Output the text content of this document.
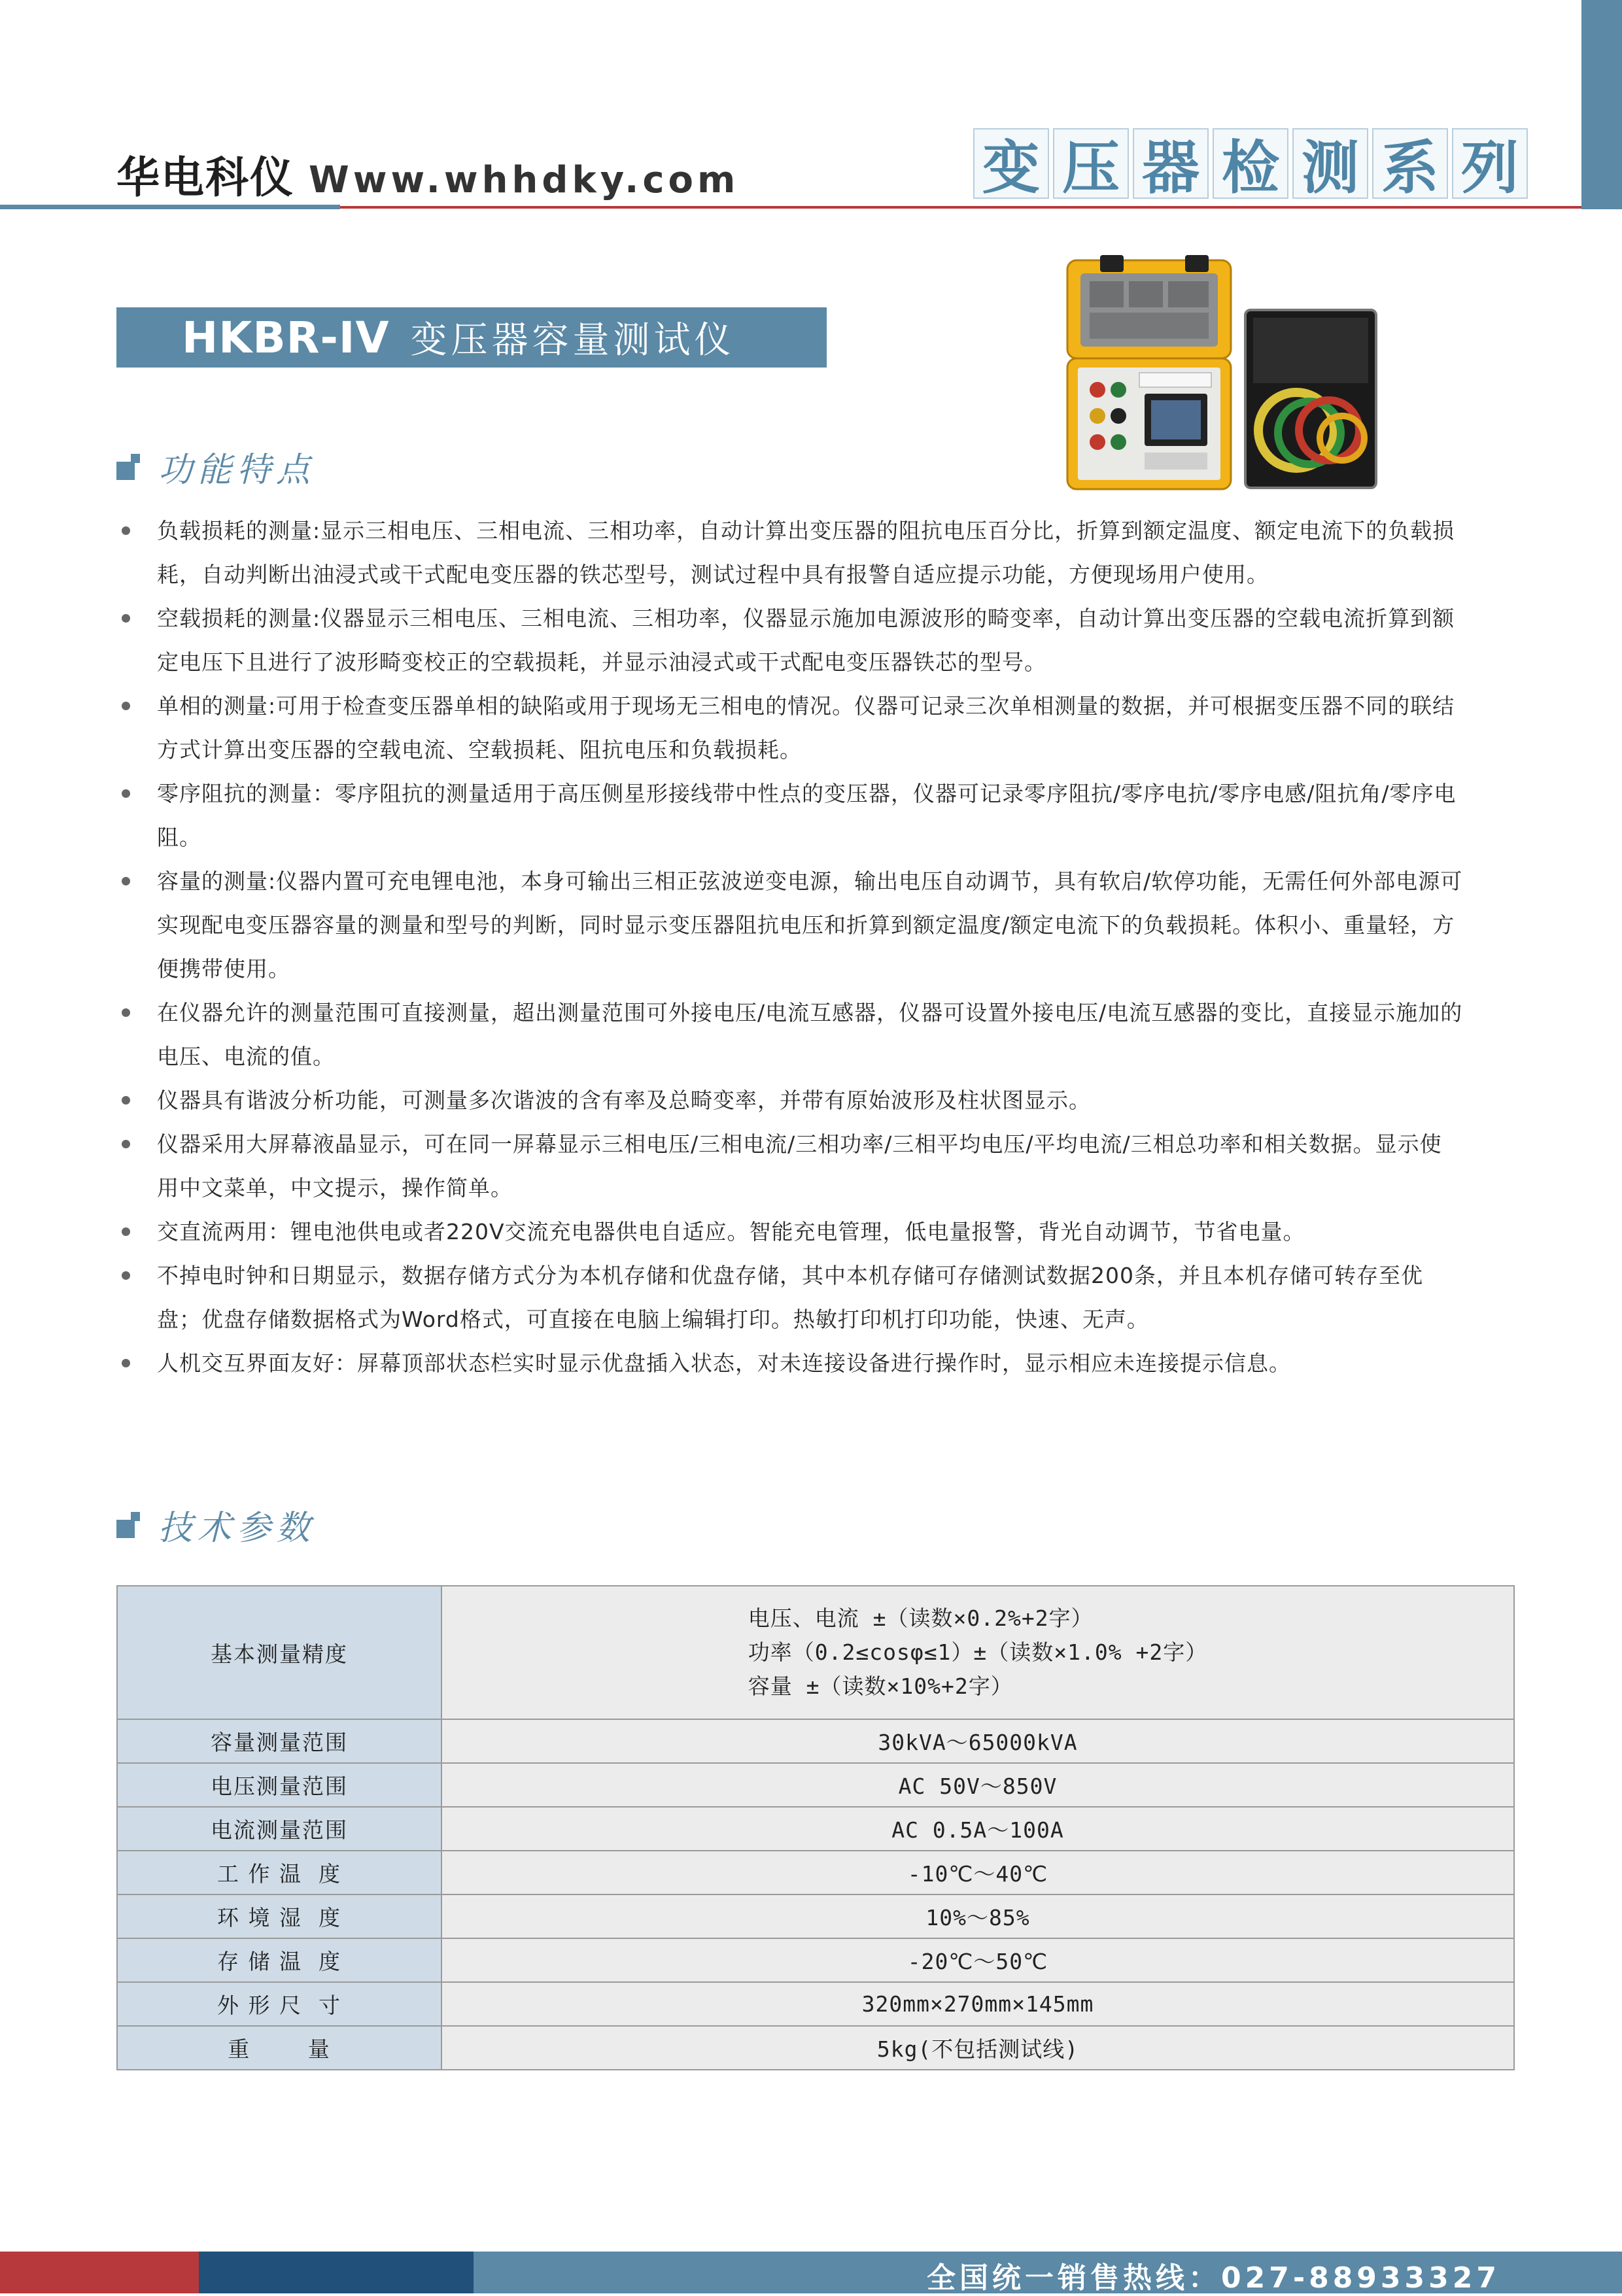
华电科仪 Www.whhdky.com	变 压 器 检 测 系 列
HKBR-IV 变压器容量测试仪
功能特点
负载损耗的测量:显示三相电压、三相电流、三相功率，自动计算出变压器的阻抗电压百分比，折算到额定温度、额定电流下的负载损耗，自动判断出油浸式或干式配电变压器的铁芯型号，测试过程中具有报警自适应提示功能，方便现场用户使用。
空载损耗的测量:仪器显示三相电压、三相电流、三相功率，仪器显示施加电源波形的畸变率，自动计算出变压器的空载电流折算到额定电压下且进行了波形畸变校正的空载损耗，并显示油浸式或干式配电变压器铁芯的型号。
单相的测量:可用于检查变压器单相的缺陷或用于现场无三相电的情况。仪器可记录三次单相测量的数据，并可根据变压器不同的联结方式计算出变压器的空载电流、空载损耗、阻抗电压和负载损耗。
零序阻抗的测量：零序阻抗的测量适用于高压侧星形接线带中性点的变压器，仪器可记录零序阻抗/零序电抗/零序电感/阻抗角/零序电阻。
容量的测量:仪器内置可充电锂电池，本身可输出三相正弦波逆变电源，输出电压自动调节，具有软启/软停功能，无需任何外部电源可实现配电变压器容量的测量和型号的判断，同时显示变压器阻抗电压和折算到额定温度/额定电流下的负载损耗。体积小、重量轻，方便携带使用。
在仪器允许的测量范围可直接测量，超出测量范围可外接电压/电流互感器，仪器可设置外接电压/电流互感器的变比，直接显示施加的电压、电流的值。
仪器具有谐波分析功能，可测量多次谐波的含有率及总畸变率，并带有原始波形及柱状图显示。
仪器采用大屏幕液晶显示，可在同一屏幕显示三相电压/三相电流/三相功率/三相平均电压/平均电流/三相总功率和相关数据。显示使用中文菜单，中文提示，操作简单。
交直流两用：锂电池供电或者220V交流充电器供电自适应。智能充电管理，低电量报警，背光自动调节，节省电量。
不掉电时钟和日期显示，数据存储方式分为本机存储和优盘存储，其中本机存储可存储测试数据200条，并且本机存储可转存至优盘；优盘存储数据格式为Word格式，可直接在电脑上编辑打印。热敏打印机打印功能，快速、无声。
人机交互界面友好：屏幕顶部状态栏实时显示优盘插入状态，对未连接设备进行操作时，显示相应未连接提示信息。
技术参数
基本测量精度	电压、电流 ±（读数×0.2%+2字）
功率（0.2≤cosφ≤1）±（读数×1.0% +2字）
容量 ±（读数×10%+2字）

容量测量范围	30kVA～65000kVA
电压测量范围	AC 50V～850V
电流测量范围	AC 0.5A～100A
工 作 温  度	-10℃～40℃
环 境 湿  度	10%～85%
存 储 温  度	-20℃～50℃
外 形 尺  寸	320mm×270mm×145mm
重       量	5kg(不包括测试线)
全国统一销售热线：027-88933327
